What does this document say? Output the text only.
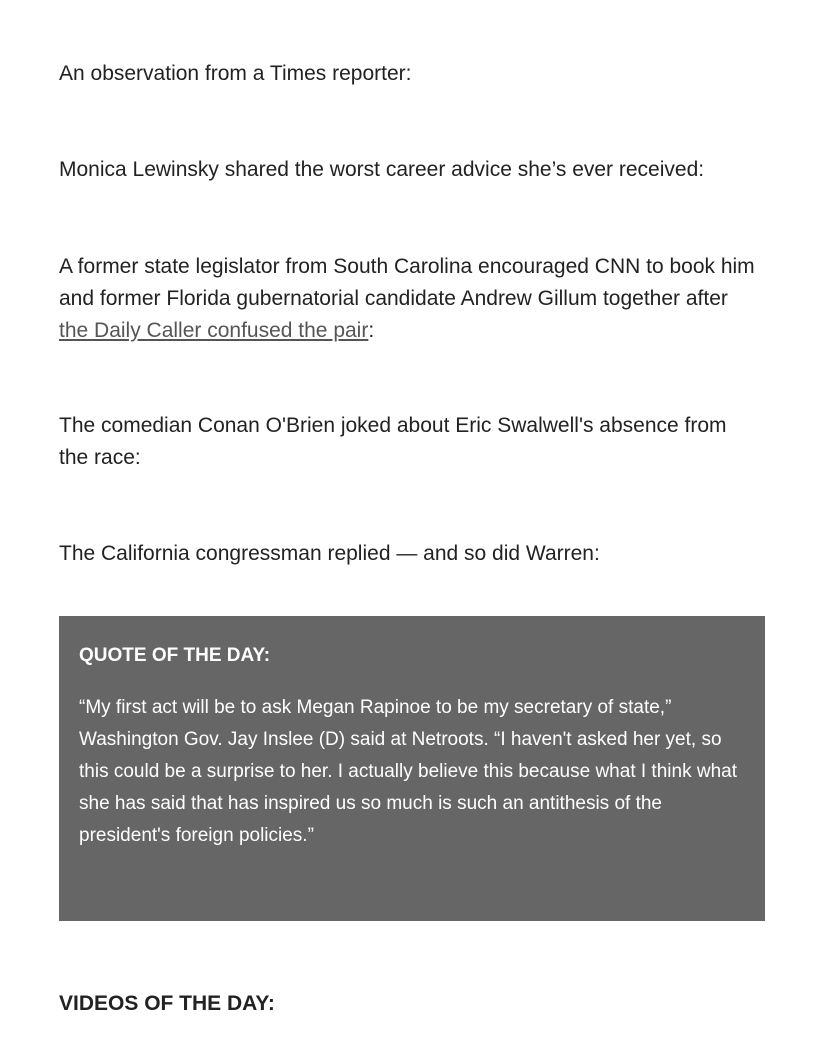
An observation from a Times reporter:

Monica Lewinsky shared the worst career advice she’s ever received:

A former state legislator from South Carolina encouraged CNN to book him and former Florida gubernatorial candidate Andrew Gillum together after the Daily Caller confused the pair:

The comedian Conan O'Brien joked about Eric Swalwell's absence from the race:

The California congressman replied — and so did Warren:

QUOTE OF THE DAY:

“My first act will be to ask Megan Rapinoe to be my secretary of state,” Washington Gov. Jay Inslee (D) said at Netroots. “I haven't asked her yet, so this could be a surprise to her. I actually believe this because what I think what she has said that has inspired us so much is such an antithesis of the president's foreign policies.”

VIDEOS OF THE DAY:
